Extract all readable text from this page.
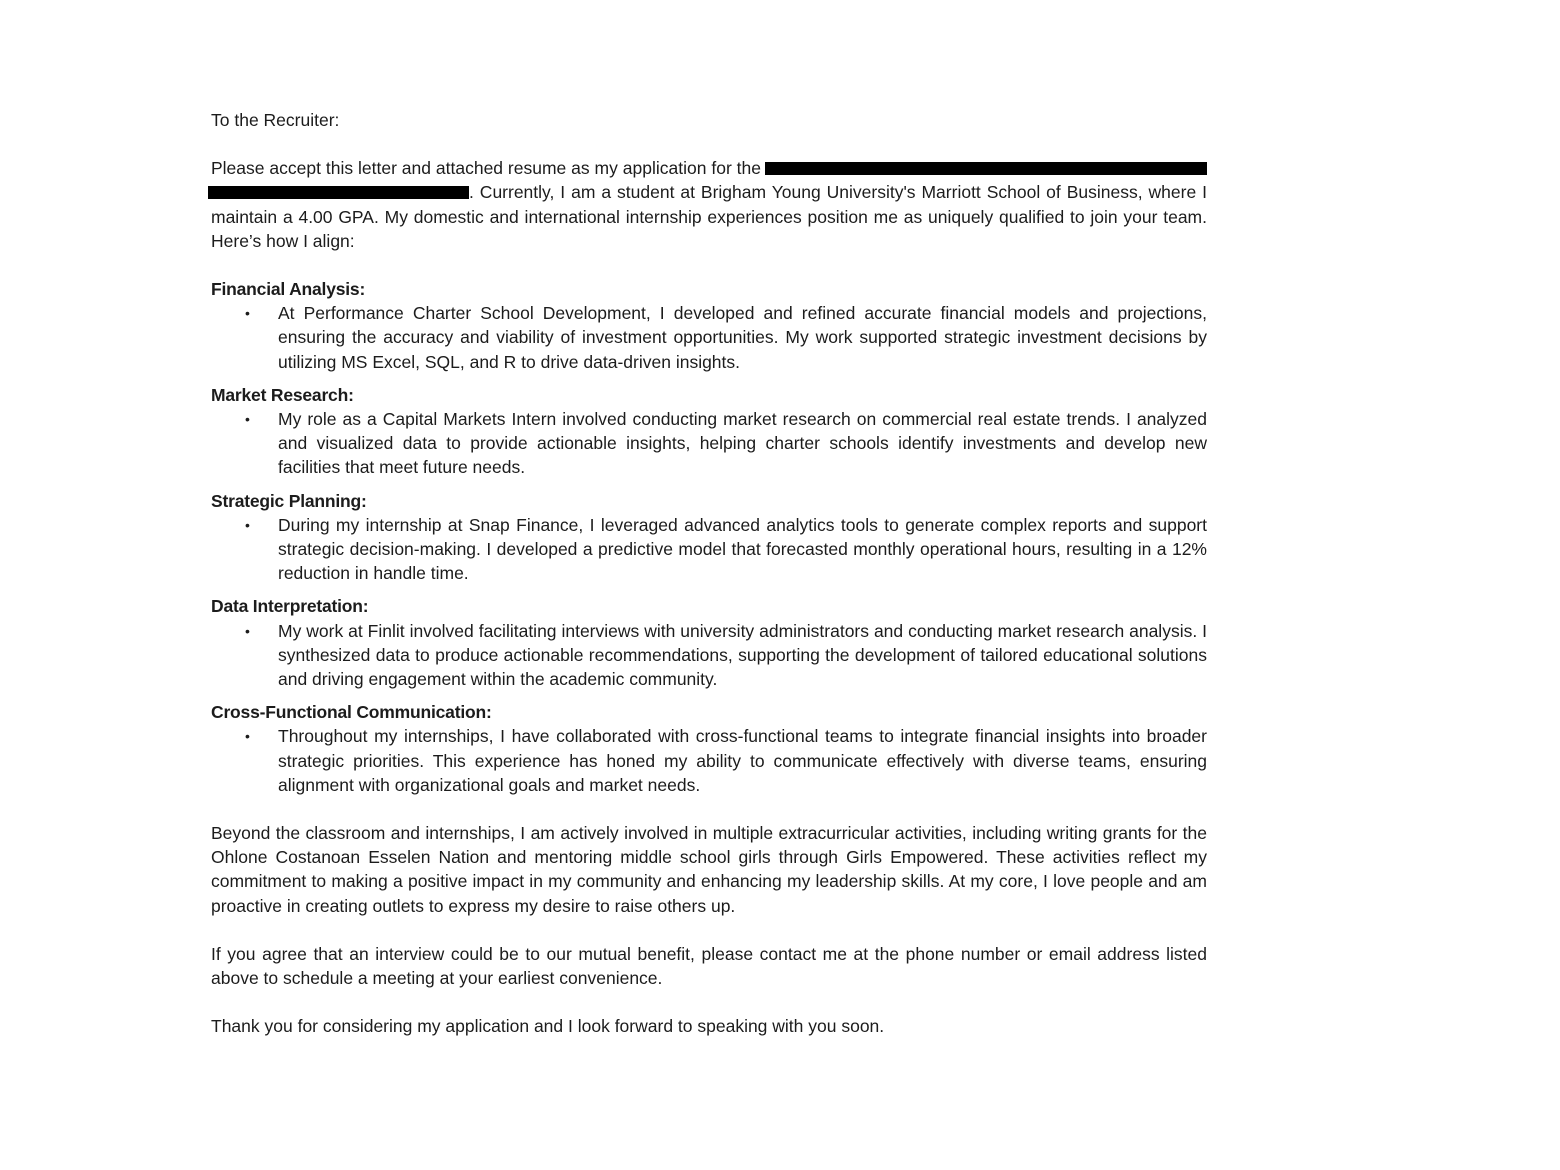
To the Recruiter:

Please accept this letter and attached resume as my application for the . Currently, I am a student at Brigham Young University's Marriott School of Business, where I maintain a 4.00 GPA. My domestic and international internship experiences position me as uniquely qualified to join your team. Here’s how I align:

Financial Analysis:

• At Performance Charter School Development, I developed and refined accurate financial models and projections, ensuring the accuracy and viability of investment opportunities. My work supported strategic investment decisions by utilizing MS Excel, SQL, and R to drive data-driven insights.

Market Research:

• My role as a Capital Markets Intern involved conducting market research on commercial real estate trends. I analyzed and visualized data to provide actionable insights, helping charter schools identify investments and develop new facilities that meet future needs.

Strategic Planning:

• During my internship at Snap Finance, I leveraged advanced analytics tools to generate complex reports and support strategic decision-making. I developed a predictive model that forecasted monthly operational hours, resulting in a 12% reduction in handle time.

Data Interpretation:

• My work at Finlit involved facilitating interviews with university administrators and conducting market research analysis. I synthesized data to produce actionable recommendations, supporting the development of tailored educational solutions and driving engagement within the academic community.

Cross-Functional Communication:

• Throughout my internships, I have collaborated with cross-functional teams to integrate financial insights into broader strategic priorities. This experience has honed my ability to communicate effectively with diverse teams, ensuring alignment with organizational goals and market needs.

Beyond the classroom and internships, I am actively involved in multiple extracurricular activities, including writing grants for the Ohlone Costanoan Esselen Nation and mentoring middle school girls through Girls Empowered. These activities reflect my commitment to making a positive impact in my community and enhancing my leadership skills. At my core, I love people and am proactive in creating outlets to express my desire to raise others up.

If you agree that an interview could be to our mutual benefit, please contact me at the phone number or email address listed above to schedule a meeting at your earliest convenience.

Thank you for considering my application and I look forward to speaking with you soon.
